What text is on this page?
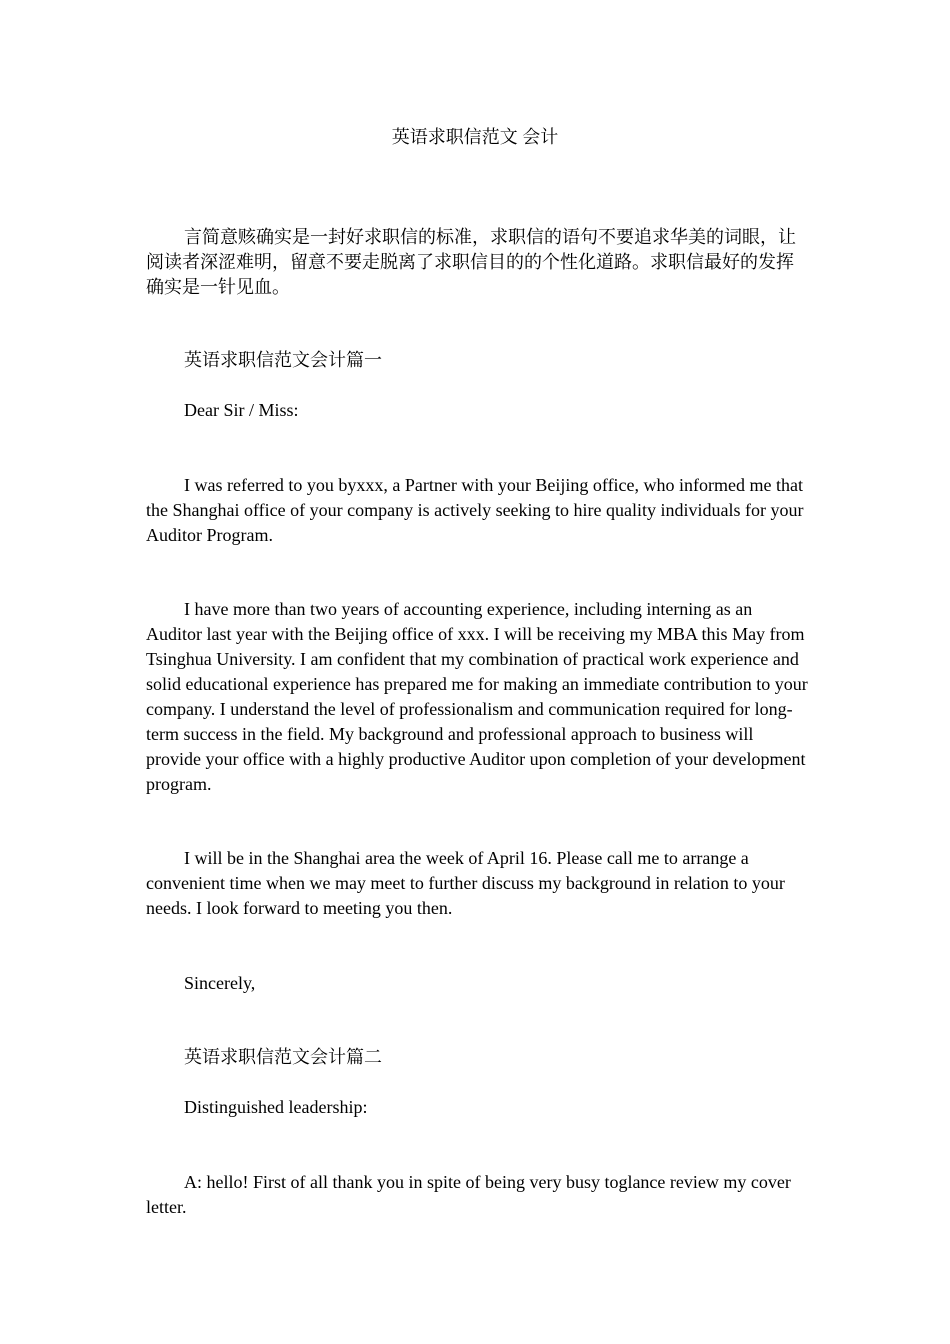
英语求职信范文 会计

言简意赅确实是一封好求职信的标准，求职信的语句不要追求华美的词眼，让阅读者深涩难明，留意不要走脱离了求职信目的的个性化道路。求职信最好的发挥确实是一针见血。

英语求职信范文会计篇一

Dear Sir / Miss:

I was referred to you byxxx, a Partner with your Beijing office, who informed me that the Shanghai office of your company is actively seeking to hire quality individuals for your Auditor Program.

I have more than two years of accounting experience, including interning as an Auditor last year with the Beijing office of xxx. I will be receiving my MBA this May from Tsinghua University. I am confident that my combination of practical work experience and solid educational experience has prepared me for making an immediate contribution to your company. I understand the level of professionalism and communication required for long-term success in the field. My background and professional approach to business will provide your office with a highly productive Auditor upon completion of your development program.

I will be in the Shanghai area the week of April 16. Please call me to arrange a convenient time when we may meet to further discuss my background in relation to your needs. I look forward to meeting you then.

Sincerely,

英语求职信范文会计篇二

Distinguished leadership:

A: hello! First of all thank you in spite of being very busy toglance review my cover letter.
